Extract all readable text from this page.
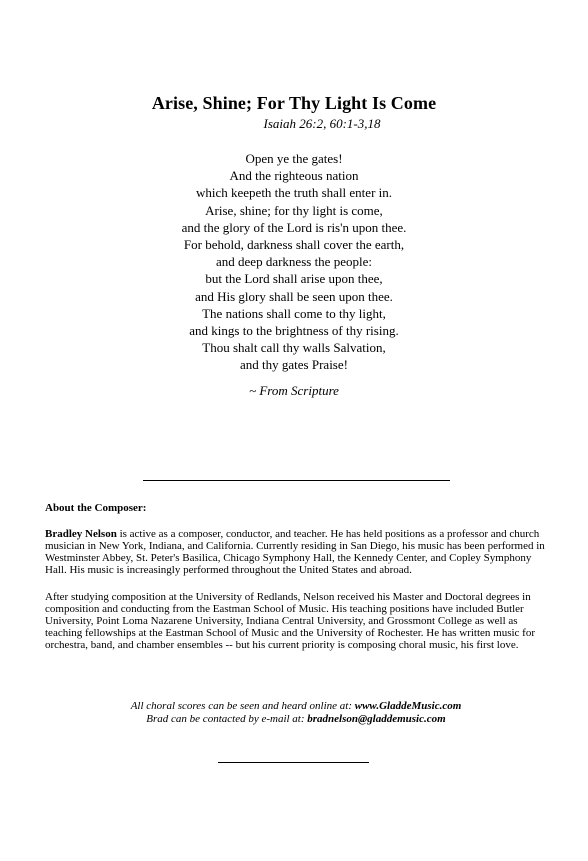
Arise, Shine; For Thy Light Is Come
Isaiah 26:2, 60:1-3,18
Open ye the gates!
And the righteous nation
which keepeth the truth shall enter in.
Arise, shine; for thy light is come,
and the glory of the Lord is ris'n upon thee.
For behold, darkness shall cover the earth,
and deep darkness the people:
but the Lord shall arise upon thee,
and His glory shall be seen upon thee.
The nations shall come to thy light,
and kings to the brightness of thy rising.
Thou shalt call thy walls Salvation,
and thy gates Praise!
~ From Scripture
About the Composer:
Bradley Nelson is active as a composer, conductor, and teacher. He has held positions as a professor and church musician in New York, Indiana, and California. Currently residing in San Diego, his music has been performed in Westminster Abbey, St. Peter's Basilica, Chicago Symphony Hall, the Kennedy Center, and Copley Symphony Hall. His music is increasingly performed throughout the United States and abroad.
After studying composition at the University of Redlands, Nelson received his Master and Doctoral degrees in composition and conducting from the Eastman School of Music. His teaching positions have included Butler University, Point Loma Nazarene University, Indiana Central University, and Grossmont College as well as teaching fellowships at the Eastman School of Music and the University of Rochester. He has written music for orchestra, band, and chamber ensembles -- but his current priority is composing choral music, his first love.
All choral scores can be seen and heard online at: www.GladdeMusic.com
Brad can be contacted by e-mail at: bradnelson@gladdemusic.com
